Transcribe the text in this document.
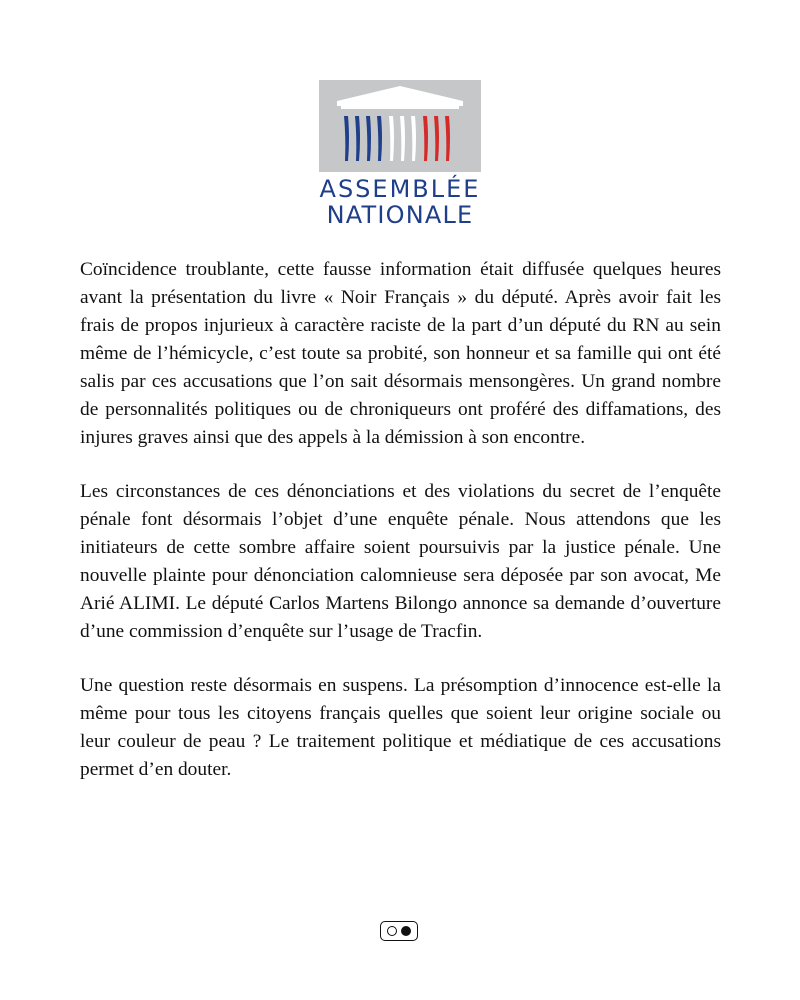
ASSEMBLÉE
NATIONALE

Coïncidence troublante, cette fausse information était diffusée quelques heures avant la présentation du livre « Noir Français » du député. Après avoir fait les frais de propos injurieux à caractère raciste de la part d’un député du RN au sein même de l’hémicycle, c’est toute sa probité, son honneur et sa famille qui ont été salis par ces accusations que l’on sait désormais mensongères. Un grand nombre de personnalités politiques ou de chroniqueurs ont proféré des diffamations, des injures graves ainsi que des appels à la démission à son encontre.

Les circonstances de ces dénonciations et des violations du secret de l’enquête pénale font désormais l’objet d’une enquête pénale. Nous attendons que les initiateurs de cette sombre affaire soient poursuivis par la justice pénale. Une nouvelle plainte pour dénonciation calomnieuse sera déposée par son avocat, Me Arié ALIMI. Le député Carlos Martens Bilongo annonce sa demande d’ouverture d’une commission d’enquête sur l’usage de Tracfin.

Une question reste désormais en suspens. La présomption d’innocence est-elle la même pour tous les citoyens français quelles que soient leur origine sociale ou leur couleur de peau ? Le traitement politique et médiatique de ces accusations permet d’en douter.
